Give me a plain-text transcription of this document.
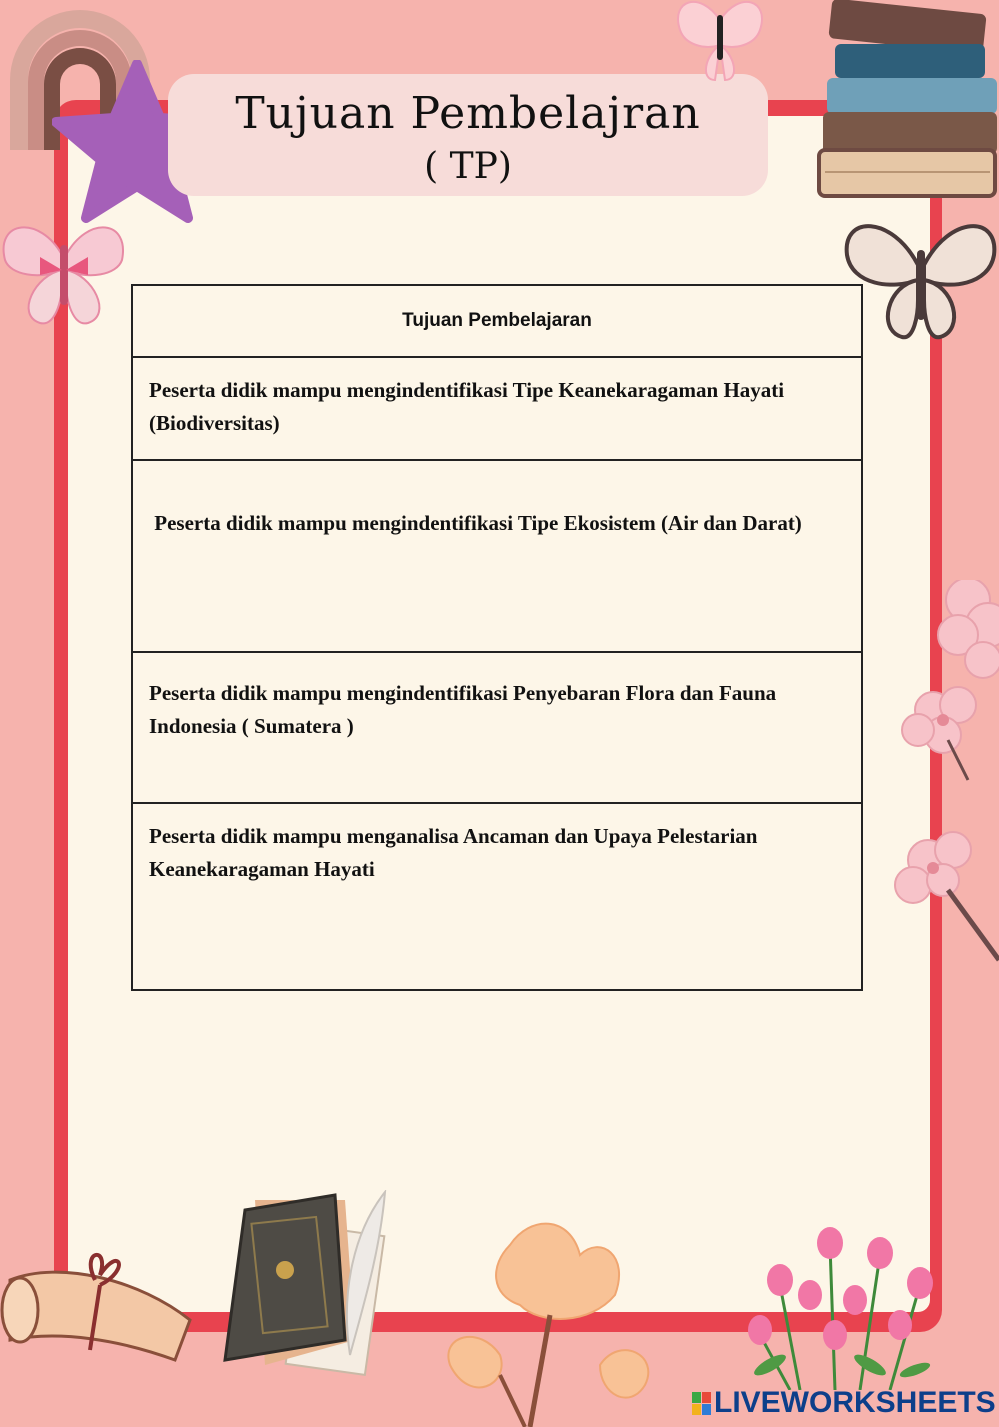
Tujuan Pembelajran

( TP)

Tujuan Pembelajaran
Peserta didik mampu mengindentifikasi Tipe Keanekaragaman Hayati (Biodiversitas)
Peserta didik mampu mengindentifikasi Tipe Ekosistem (Air dan Darat)
Peserta didik mampu mengindentifikasi Penyebaran Flora dan Fauna Indonesia ( Sumatera )
Peserta didik mampu menganalisa Ancaman dan Upaya Pelestarian Keanekaragaman Hayati
LIVEWORKSHEETS
